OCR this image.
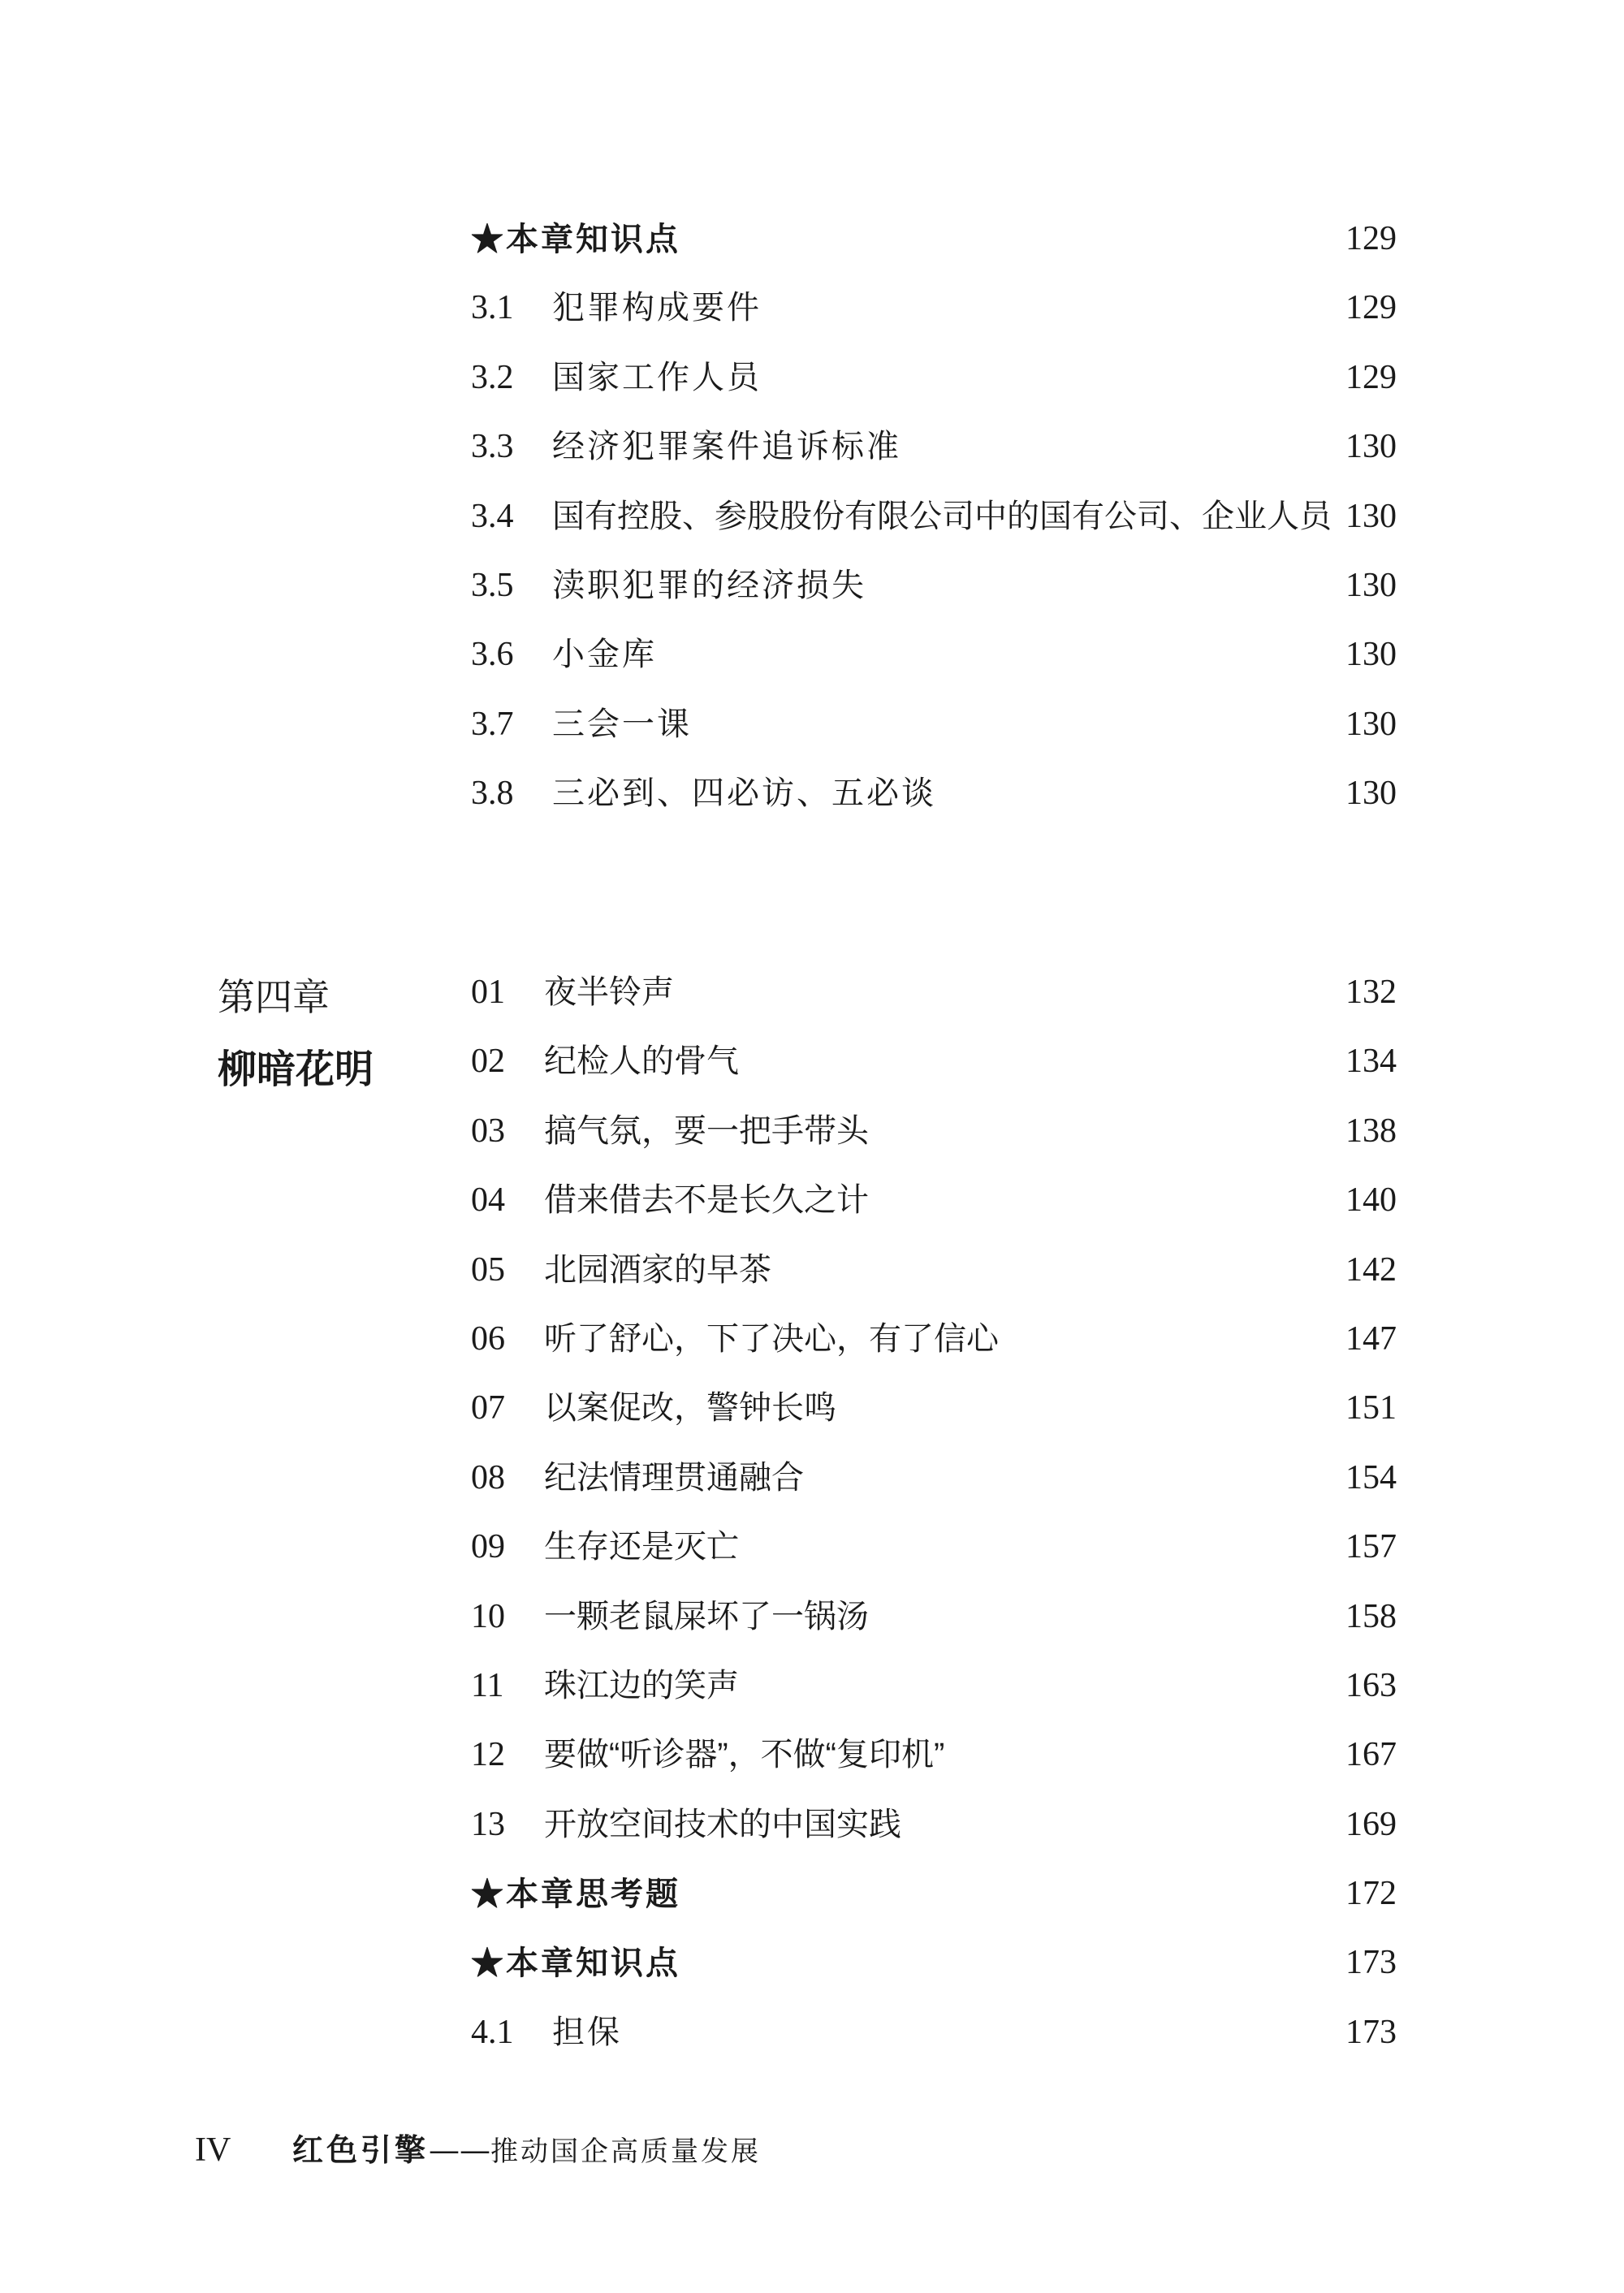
★本章知识点	129
3.1 犯罪构成要件	129
3.2 国家工作人员	129
3.3 经济犯罪案件追诉标准	130
3.4 国有控股、参股股份有限公司中的国有公司、企业人员 130
3.5 渎职犯罪的经济损失	130
3.6 小金库	130
3.7 三会一课	130
3.8 三必到、四必访、五必谈	130
第四章
柳暗花明
01 夜半铃声	132
02 纪检人的骨气	134
03 搞气氛，要一把手带头	138
04 借来借去不是长久之计	140
05 北园酒家的早茶	142
06 听了舒心，下了决心，有了信心	147
07 以案促改，警钟长鸣	151
08 纪法情理贯通融合	154
09 生存还是灭亡	157
10 一颗老鼠屎坏了一锅汤	158
11 珠江边的笑声	163
12 要做“听诊器”，不做“复印机”	167
13 开放空间技术的中国实践	169
★本章思考题	172
★本章知识点	173
4.1 担保	173
IV 红色引擎——推动国企高质量发展
